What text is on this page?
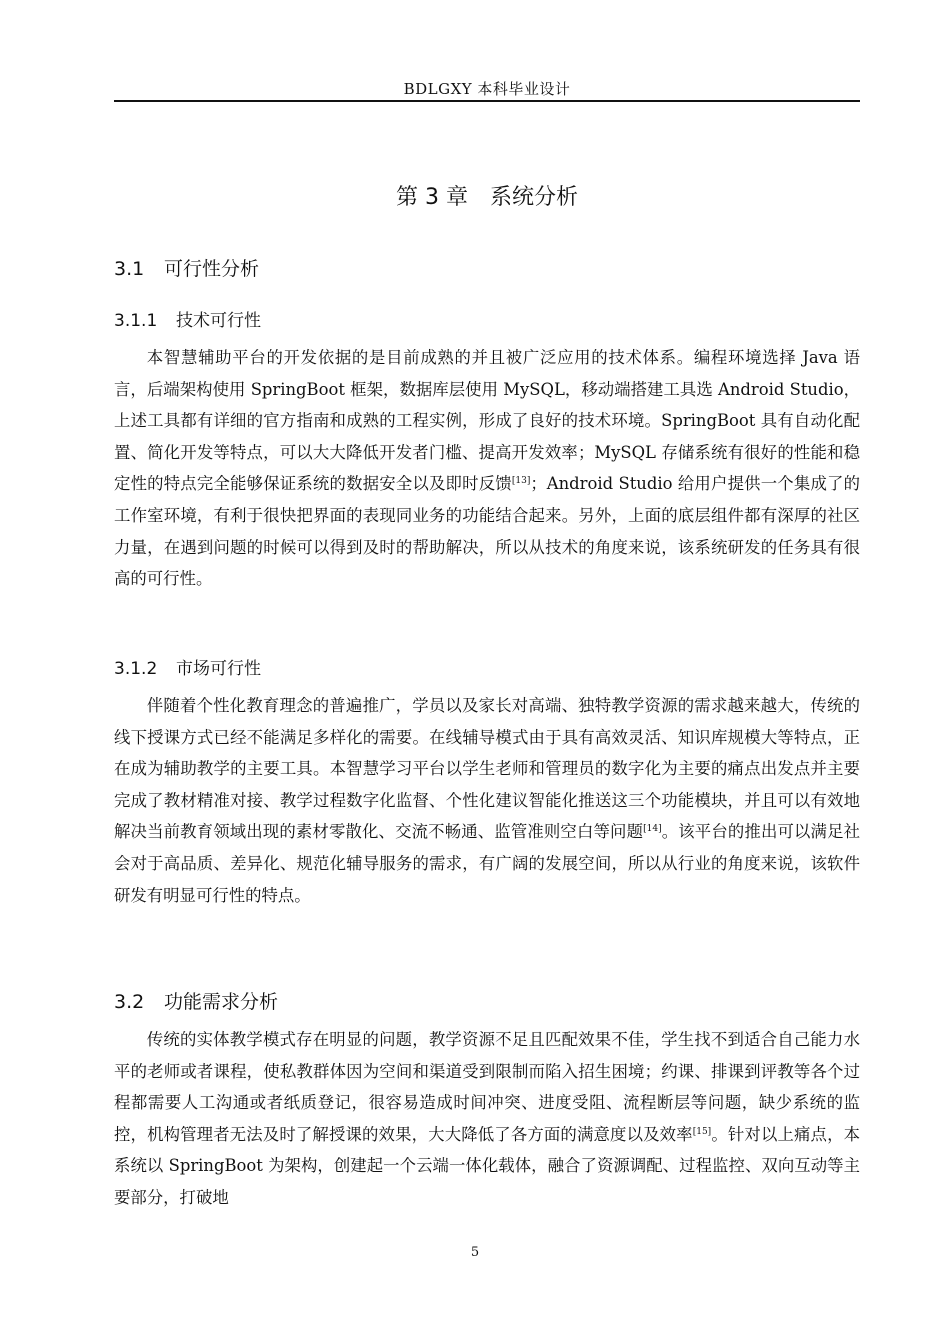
BDLGXY 本科毕业设计
第 3 章　系统分析
3.1 可行性分析
3.1.1 技术可行性

本智慧辅助平台的开发依据的是目前成熟的并且被广泛应用的技术体系。编程环境选择 Java 语言，后端架构使用 SpringBoot 框架，数据库层使用 MySQL，移动端搭建工具选 Android Studio，上述工具都有详细的官方指南和成熟的工程实例，形成了良好的技术环境。SpringBoot 具有自动化配置、简化开发等特点，可以大大降低开发者门槛、提高开发效率；MySQL 存储系统有很好的性能和稳定性的特点完全能够保证系统的数据安全以及即时反馈[13]；Android Studio 给用户提供一个集成了的工作室环境，有利于很快把界面的表现同业务的功能结合起来。另外，上面的底层组件都有深厚的社区力量，在遇到问题的时候可以得到及时的帮助解决，所以从技术的角度来说，该系统研发的任务具有很高的可行性。

3.1.2 市场可行性

伴随着个性化教育理念的普遍推广，学员以及家长对高端、独特教学资源的需求越来越大，传统的线下授课方式已经不能满足多样化的需要。在线辅导模式由于具有高效灵活、知识库规模大等特点，正在成为辅助教学的主要工具。本智慧学习平台以学生老师和管理员的数字化为主要的痛点出发点并主要完成了教材精准对接、教学过程数字化监督、个性化建议智能化推送这三个功能模块，并且可以有效地解决当前教育领域出现的素材零散化、交流不畅通、监管准则空白等问题[14]。该平台的推出可以满足社会对于高品质、差异化、规范化辅导服务的需求，有广阔的发展空间，所以从行业的角度来说，该软件研发有明显可行性的特点。

3.2 功能需求分析

传统的实体教学模式存在明显的问题，教学资源不足且匹配效果不佳，学生找不到适合自己能力水平的老师或者课程，使私教群体因为空间和渠道受到限制而陷入招生困境；约课、排课到评教等各个过程都需要人工沟通或者纸质登记，很容易造成时间冲突、进度受阻、流程断层等问题，缺少系统的监控，机构管理者无法及时了解授课的效果，大大降低了各方面的满意度以及效率[15]。针对以上痛点，本系统以 SpringBoot 为架构，创建起一个云端一体化载体，融合了资源调配、过程监控、双向互动等主要部分，打破地

5
